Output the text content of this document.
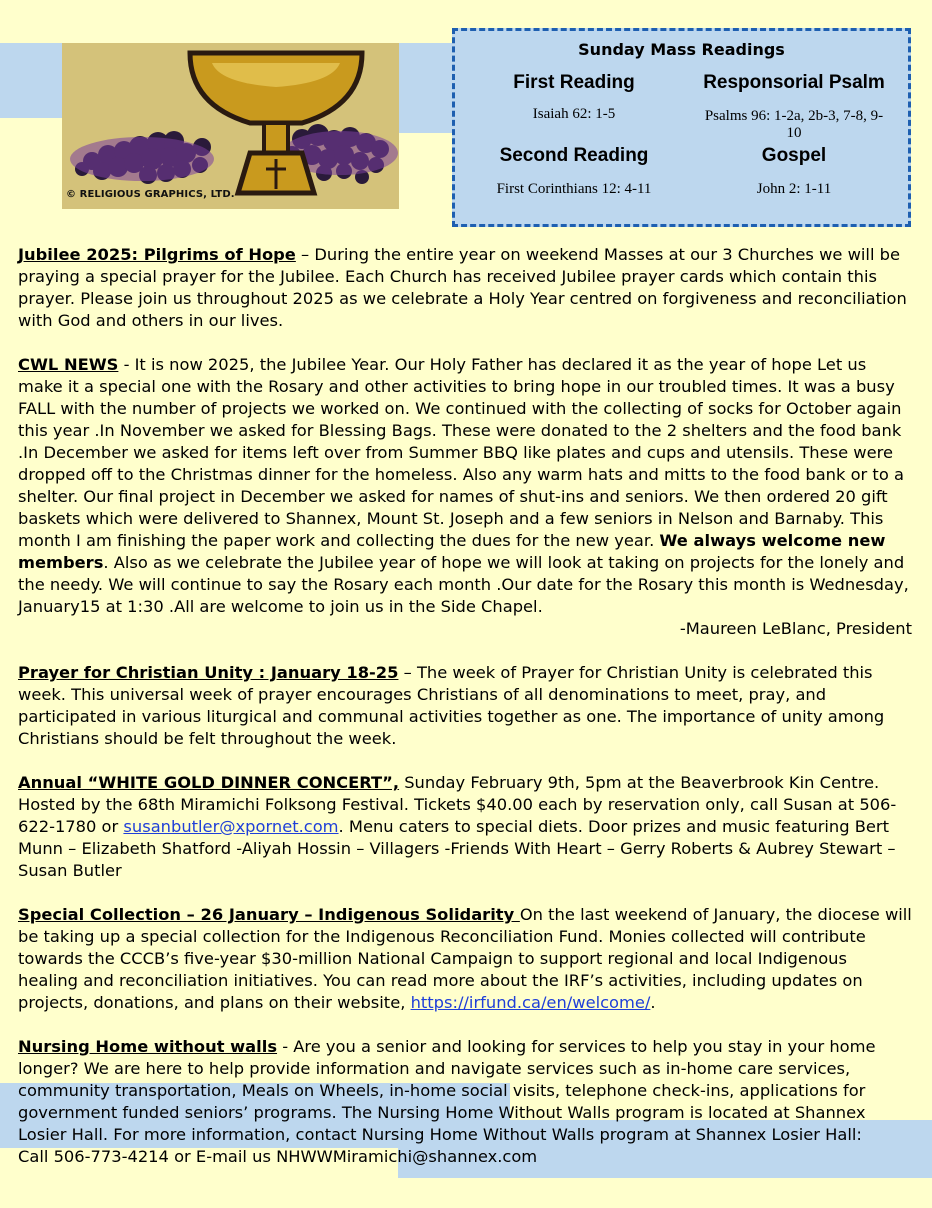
© RELIGIOUS GRAPHICS, LTD.
Sunday Mass Readings
First Reading
Isaiah 62: 1-5
Responsorial Psalm
Psalms 96: 1-2a, 2b-3, 7-8, 9-
10
Second Reading
First Corinthians 12: 4-11
Gospel
John 2: 1-11

Jubilee 2025: Pilgrims of Hope – During the entire year on weekend Masses at our 3 Churches we will be praying a special prayer for the Jubilee. Each Church has received Jubilee prayer cards which contain this prayer. Please join us throughout 2025 as we celebrate a Holy Year centred on forgiveness and reconciliation with God and others in our lives.

CWL NEWS - It is now 2025, the Jubilee Year. Our Holy Father has declared it as the year of hope Let us make it a special one with the Rosary and other activities to bring hope in our troubled times. It was a busy FALL with the number of projects we worked on. We continued with the collecting of socks for October again this year .In November we asked for Blessing Bags. These were donated to the 2 shelters and the food bank .In December we asked for items left over from Summer BBQ like plates and cups and utensils. These were dropped off to the Christmas dinner for the homeless. Also any warm hats and mitts to the food bank or to a shelter. Our final project in December we asked for names of shut-ins and seniors. We then ordered 20 gift baskets which were delivered to Shannex, Mount St. Joseph and a few seniors in Nelson and Barnaby. This month I am finishing the paper work and collecting the dues for the new year. We always welcome new members. Also as we celebrate the Jubilee year of hope we will look at taking on projects for the lonely and the needy. We will continue to say the Rosary each month .Our date for the Rosary this month is Wednesday, January15 at 1:30 .All are welcome to join us in the Side Chapel.

-Maureen LeBlanc, President

Prayer for Christian Unity : January 18-25 – The week of Prayer for Christian Unity is celebrated this week. This universal week of prayer encourages Christians of all denominations to meet, pray, and participated in various liturgical and communal activities together as one. The importance of unity among Christians should be felt throughout the week.

Annual “WHITE GOLD DINNER CONCERT”, Sunday February 9th, 5pm at the Beaverbrook Kin Centre. Hosted by the 68th Miramichi Folksong Festival. Tickets $40.00 each by reservation only, call Susan at 506-622-1780 or susanbutler@xpornet.com. Menu caters to special diets. Door prizes and music featuring Bert Munn – Elizabeth Shatford -Aliyah Hossin – Villagers -Friends With Heart – Gerry Roberts & Aubrey Stewart – Susan Butler

Special Collection – 26 January – Indigenous Solidarity On the last weekend of January, the diocese will be taking up a special collection for the Indigenous Reconciliation Fund. Monies collected will contribute towards the CCCB’s five-year $30-million National Campaign to support regional and local Indigenous healing and reconciliation initiatives. You can read more about the IRF’s activities, including updates on projects, donations, and plans on their website, https://irfund.ca/en/welcome/.

Nursing Home without walls - Are you a senior and looking for services to help you stay in your home longer? We are here to help provide information and navigate services such as in-home care services, community transportation, Meals on Wheels, in-home social visits, telephone check-ins, applications for government funded seniors’ programs. The Nursing Home Without Walls program is located at Shannex Losier Hall. For more information, contact Nursing Home Without Walls program at Shannex Losier Hall:
Call 506-773-4214 or E-mail us NHWWMiramichi@shannex.com
